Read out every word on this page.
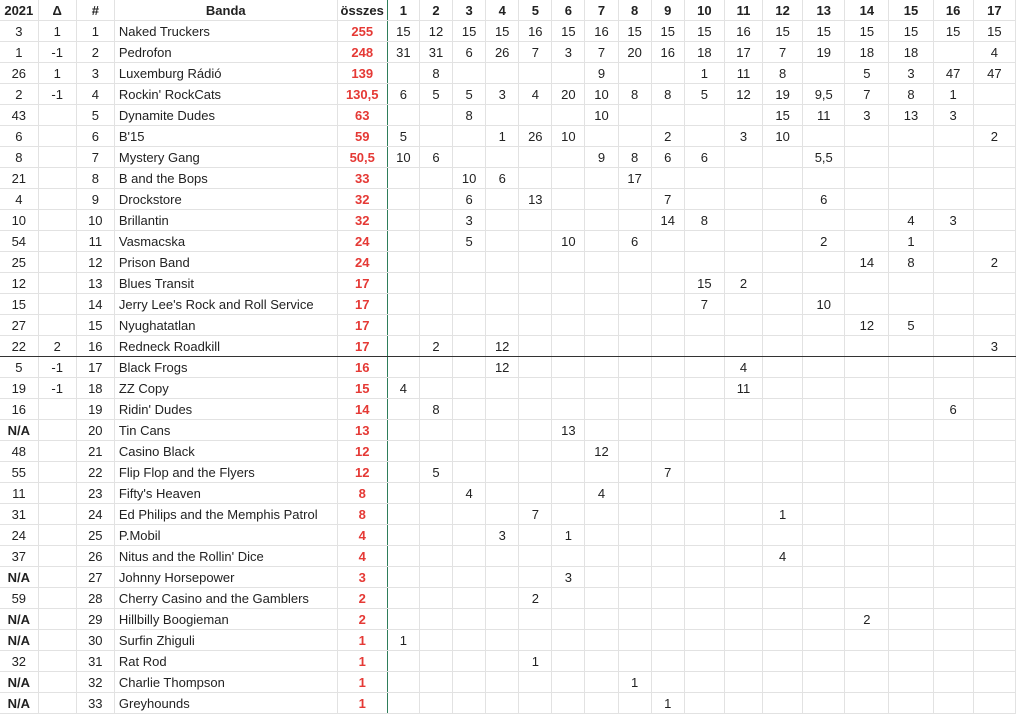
2021	Δ	#	Banda	összes	1	2	3	4	5	6	7	8	9	10	11	12	13	14	15	16	17
3	1	1	Naked Truckers	255	15	12	15	15	16	15	16	15	15	15	16	15	15	15	15	15	15
1	-1	2	Pedrofon	248	31	31	6	26	7	3	7	20	16	18	17	7	19	18	18		4
26	1	3	Luxemburg Rádió	139		8					9			1	11	8		5	3	47	47
2	-1	4	Rockin' RockCats	130,5	6	5	5	3	4	20	10	8	8	5	12	19	9,5	7	8	1	
43		5	Dynamite Dudes	63			8				10					15	11	3	13	3	
6		6	B'15	59	5			1	26	10			2		3	10					2
8		7	Mystery Gang	50,5	10	6					9	8	6	6			5,5				
21		8	B and the Bops	33			10	6				17									
4		9	Drockstore	32			6		13				7				6				
10		10	Brillantin	32			3						14	8					4	3	
54		11	Vasmacska	24			5			10		6					2		1		
25		12	Prison Band	24														14	8		2
12		13	Blues Transit	17										15	2						
15		14	Jerry Lee's Rock and Roll Service	17										7			10				
27		15	Nyughatatlan	17														12	5		
22	2	16	Redneck Roadkill	17		2		12													3
5	-1	17	Black Frogs	16				12							4						
19	-1	18	ZZ Copy	15	4										11						
16		19	Ridin' Dudes	14		8														6	
N/A		20	Tin Cans	13						13											
48		21	Casino Black	12							12										
55		22	Flip Flop and the Flyers	12		5							7								
11		23	Fifty's Heaven	8			4				4										
31		24	Ed Philips and the Memphis Patrol	8					7							1					
24		25	P.Mobil	4				3		1											
37		26	Nitus and the Rollin' Dice	4												4					
N/A		27	Johnny Horsepower	3						3											
59		28	Cherry Casino and the Gamblers	2					2												
N/A		29	Hillbilly Boogieman	2														2			
N/A		30	Surfin Zhiguli	1	1																
32		31	Rat Rod	1					1												
N/A		32	Charlie Thompson	1								1									
N/A		33	Greyhounds	1									1								
